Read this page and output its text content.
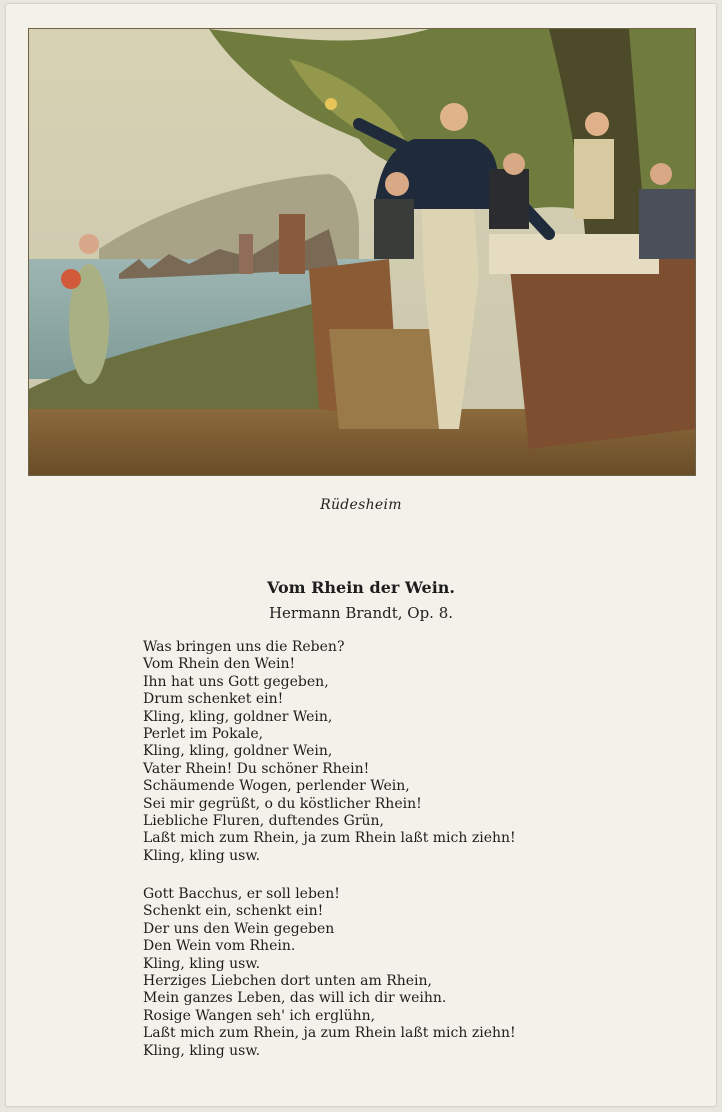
Rüdesheim
Vom Rhein der Wein.
Hermann Brandt, Op. 8.
Was bringen uns die Reben?
Vom Rhein den Wein!
Ihn hat uns Gott gegeben,
Drum schenket ein!
Kling, kling, goldner Wein,
Perlet im Pokale,
Kling, kling, goldner Wein,
Vater Rhein! Du schöner Rhein!
Schäumende Wogen, perlender Wein,
Sei mir gegrüßt, o du köstlicher Rhein!
Liebliche Fluren, duftendes Grün,
Laßt mich zum Rhein, ja zum Rhein laßt mich ziehn!
Kling, kling usw.
Gott Bacchus, er soll leben!
Schenkt ein, schenkt ein!
Der uns den Wein gegeben
Den Wein vom Rhein.
Kling, kling usw.
Herziges Liebchen dort unten am Rhein,
Mein ganzes Leben, das will ich dir weihn.
Rosige Wangen seh' ich erglühn,
Laßt mich zum Rhein, ja zum Rhein laßt mich ziehn!
Kling, kling usw.
